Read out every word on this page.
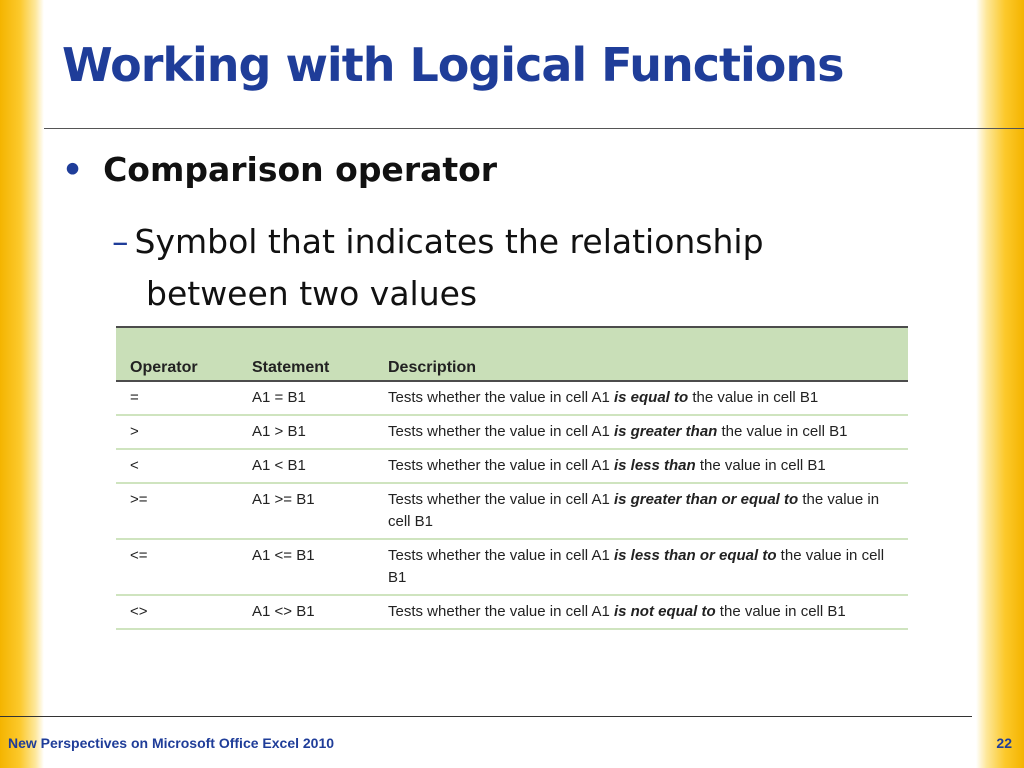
Working with Logical Functions
• Comparison operator
– Symbol that indicates the relationship
between two values
Operator	Statement	Description
=	A1 = B1	Tests whether the value in cell A1 is equal to the value in cell B1
>	A1 > B1	Tests whether the value in cell A1 is greater than the value in cell B1
<	A1 < B1	Tests whether the value in cell A1 is less than the value in cell B1
>=	A1 >= B1	Tests whether the value in cell A1 is greater than or equal to the value in cell B1
<=	A1 <= B1	Tests whether the value in cell A1 is less than or equal to the value in cell B1
<>	A1 <> B1	Tests whether the value in cell A1 is not equal to the value in cell B1
New Perspectives on Microsoft Office Excel 2010	22
